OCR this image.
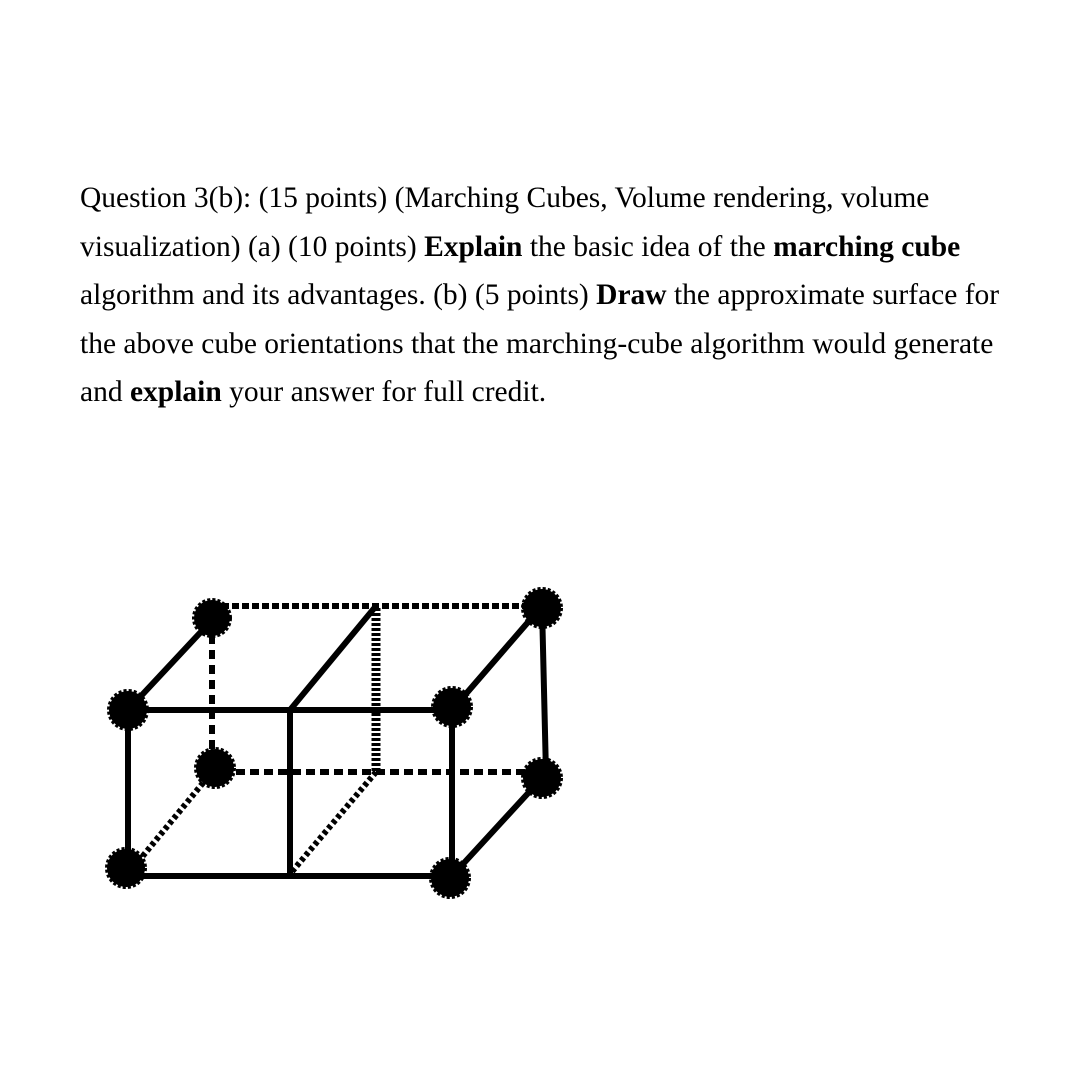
Question 3(b): (15 points) (Marching Cubes, Volume rendering, volume visualization) (a) (10 points) Explain the basic idea of the marching cube algorithm and its advantages. (b) (5 points) Draw the approximate surface for the above cube orientations that the marching-cube algorithm would generate and explain your answer for full credit.
